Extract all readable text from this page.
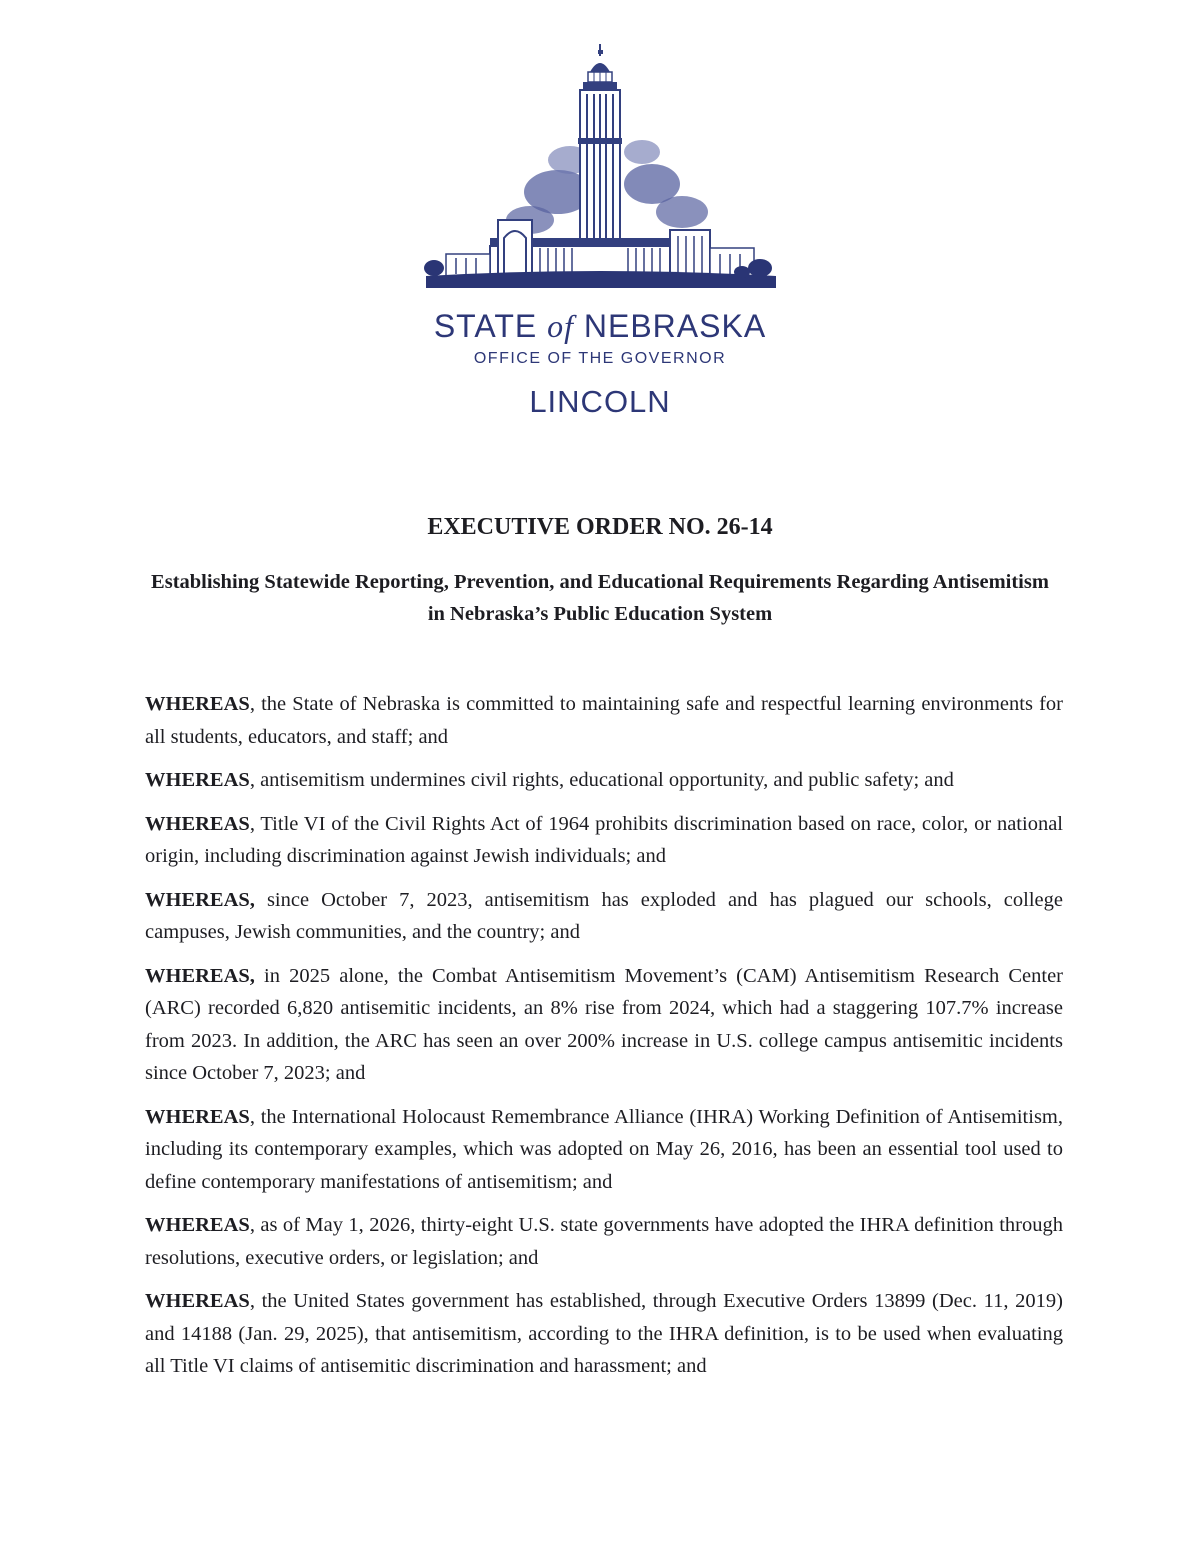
STATE of NEBRASKA
OFFICE OF THE GOVERNOR
LINCOLN
EXECUTIVE ORDER NO. 26-14
Establishing Statewide Reporting, Prevention, and Educational Requirements Regarding Antisemitism in Nebraska’s Public Education System

WHEREAS, the State of Nebraska is committed to maintaining safe and respectful learning environments for all students, educators, and staff; and

WHEREAS, antisemitism undermines civil rights, educational opportunity, and public safety; and

WHEREAS, Title VI of the Civil Rights Act of 1964 prohibits discrimination based on race, color, or national origin, including discrimination against Jewish individuals; and

WHEREAS, since October 7, 2023, antisemitism has exploded and has plagued our schools, college campuses, Jewish communities, and the country; and

WHEREAS, in 2025 alone, the Combat Antisemitism Movement’s (CAM) Antisemitism Research Center (ARC) recorded 6,820 antisemitic incidents, an 8% rise from 2024, which had a staggering 107.7% increase from 2023. In addition, the ARC has seen an over 200% increase in U.S. college campus antisemitic incidents since October 7, 2023; and

WHEREAS, the International Holocaust Remembrance Alliance (IHRA) Working Definition of Antisemitism, including its contemporary examples, which was adopted on May 26, 2016, has been an essential tool used to define contemporary manifestations of antisemitism; and

WHEREAS, as of May 1, 2026, thirty-eight U.S. state governments have adopted the IHRA definition through resolutions, executive orders, or legislation; and

WHEREAS, the United States government has established, through Executive Orders 13899 (Dec. 11, 2019) and 14188 (Jan. 29, 2025), that antisemitism, according to the IHRA definition, is to be used when evaluating all Title VI claims of antisemitic discrimination and harassment; and
